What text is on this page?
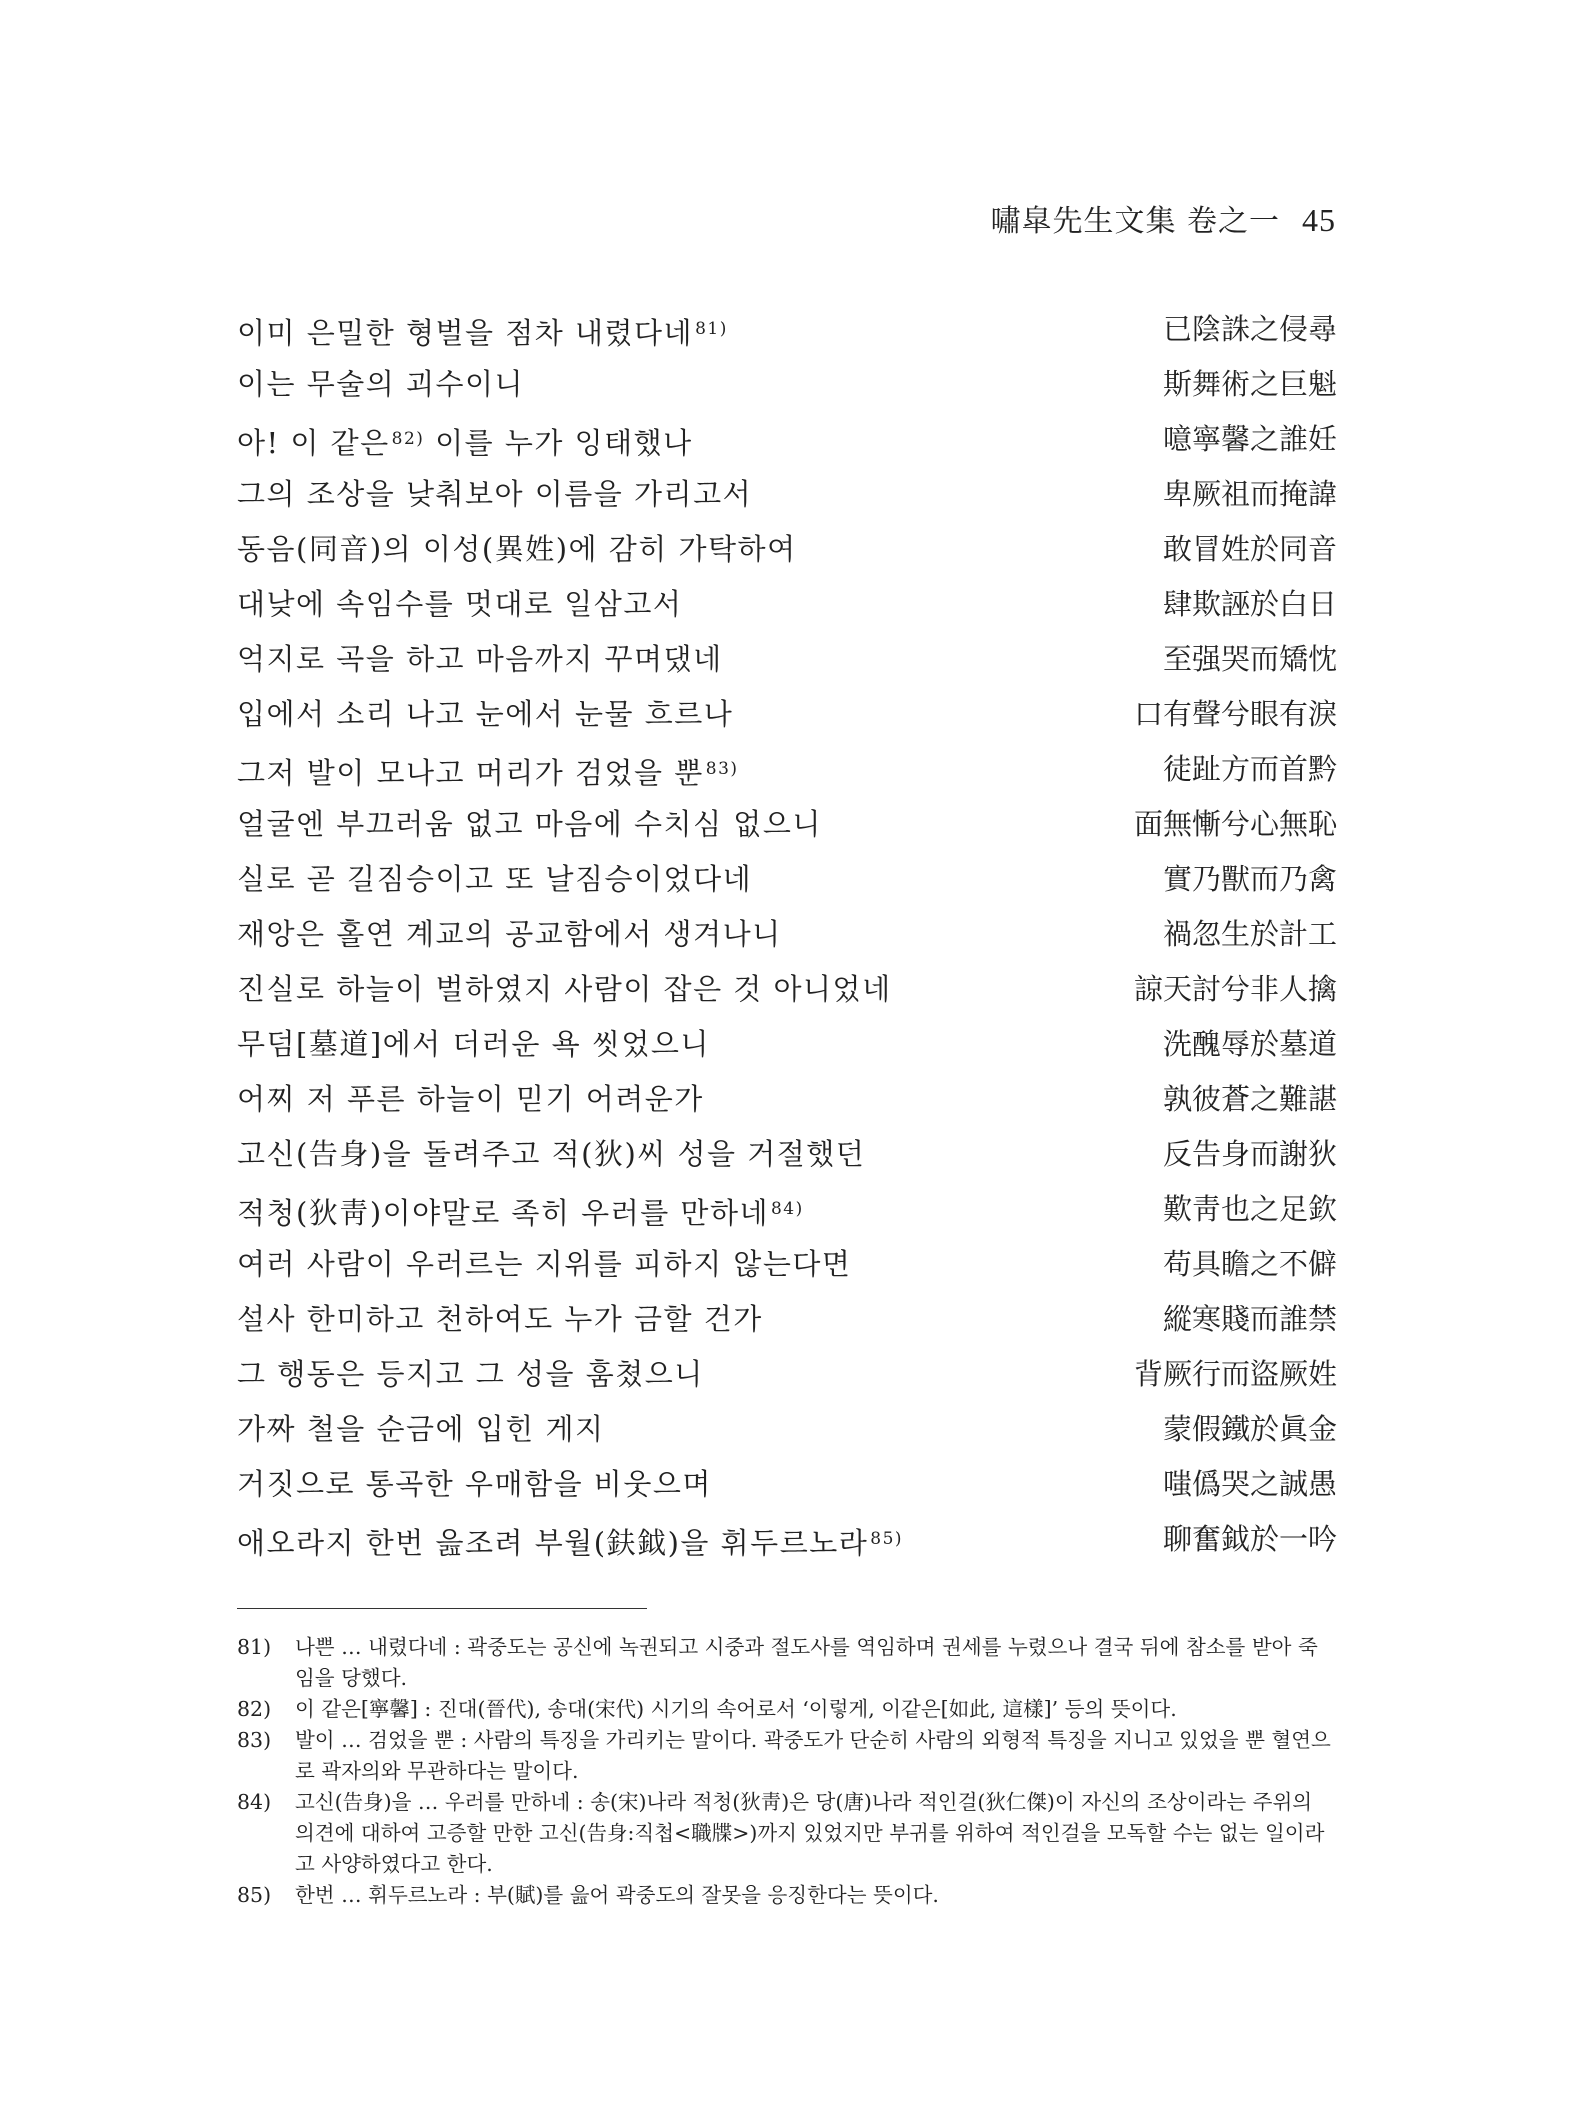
嘯皐先生文集 卷之一 45
이미 은밀한 형벌을 점차 내렸다네 $^{81)}$	已陰誅之侵尋
이는 무술의 괴수이니	斯舞術之巨魁
아! 이 같은 $^{82)}$ 이를 누가 잉태했나	噫寧馨之誰妊
그의 조상을 낮춰보아 이름을 가리고서	卑厥祖而掩諱
동음(同音)의 이성(異姓)에 감히 가탁하여	敢冒姓於同音
대낮에 속임수를 멋대로 일삼고서	肆欺誣於白日
억지로 곡을 하고 마음까지 꾸며댔네	至强哭而矯忱
입에서 소리 나고 눈에서 눈물 흐르나	口有聲兮眼有淚
그저 발이 모나고 머리가 검었을 뿐 $^{83)}$	徒趾方而首黔
얼굴엔 부끄러움 없고 마음에 수치심 없으니	面無慚兮心無恥
실로 곧 길짐승이고 또 날짐승이었다네	實乃獸而乃禽
재앙은 홀연 계교의 공교함에서 생겨나니	禍忽生於計工
진실로 하늘이 벌하였지 사람이 잡은 것 아니었네	諒天討兮非人擒
무덤[墓道]에서 더러운 욕 씻었으니	洗醜辱於墓道
어찌 저 푸른 하늘이 믿기 어려운가	孰彼蒼之難諶
고신(告身)을 돌려주고 적(狄)씨 성을 거절했던	反告身而謝狄
적청(狄靑)이야말로 족히 우러를 만하네 $^{84)}$	歎靑也之足欽
여러 사람이 우러르는 지위를 피하지 않는다면	苟具瞻之不僻
설사 한미하고 천하여도 누가 금할 건가	縱寒賤而誰禁
그 행동은 등지고 그 성을 훔쳤으니	背厥行而盜厥姓
가짜 철을 순금에 입힌 게지	蒙假鐵於眞金
거짓으로 통곡한 우매함을 비웃으며	嗤僞哭之誠愚
애오라지 한번 읊조려 부월(鈇鉞)을 휘두르노라 $^{85)}$	聊奮鉞於一吟
81) 나쁜 … 내렸다네 : 곽중도는 공신에 녹권되고 시중과 절도사를 역임하며 권세를 누렸으나 결국 뒤에 참소를 받아 죽임을 당했다.
82) 이 같은[寧馨] : 진대(晉代), 송대(宋代) 시기의 속어로서 ‘이렇게, 이같은[如此, 這樣]’ 등의 뜻이다.
83) 발이 … 검었을 뿐 : 사람의 특징을 가리키는 말이다. 곽중도가 단순히 사람의 외형적 특징을 지니고 있었을 뿐 혈연으로 곽자의와 무관하다는 말이다.
84) 고신(告身)을 … 우러를 만하네 : 송(宋)나라 적청(狄靑)은 당(唐)나라 적인걸(狄仁傑)이 자신의 조상이라는 주위의 의견에 대하여 고증할 만한 고신(告身:직첩<職牒>)까지 있었지만 부귀를 위하여 적인걸을 모독할 수는 없는 일이라고 사양하였다고 한다.
85) 한번 … 휘두르노라 : 부(賦)를 읊어 곽중도의 잘못을 응징한다는 뜻이다.
